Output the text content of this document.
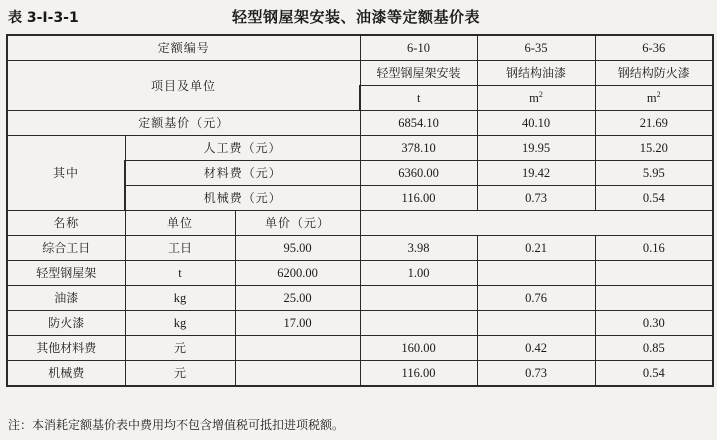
表 3-Ⅰ-3-1	轻型钢屋架安装、油漆等定额基价表
定额编号			6-10	6-35	6-36
项目及单位			轻型钢屋架安装	钢结构油漆	钢结构防火漆
			t	$m^2$	$m^2$
定额基价（元）			6854.10	40.10	21.69
其中	人工费（元）		378.10	19.95	15.20
	材料费（元）		6360.00	19.42	5.95
	机械费（元）		116.00	0.73	0.54
名称	单位	单价（元）			
综合工日	工日	95.00	3.98	0.21	0.16
轻型钢屋架	t	6200.00	1.00		
油漆	kg	25.00		0.76	
防火漆	kg	17.00			0.30
其他材料费	元		160.00	0.42	0.85
机械费	元		116.00	0.73	0.54
注：本消耗定额基价表中费用均不包含增值税可抵扣进项税额。
